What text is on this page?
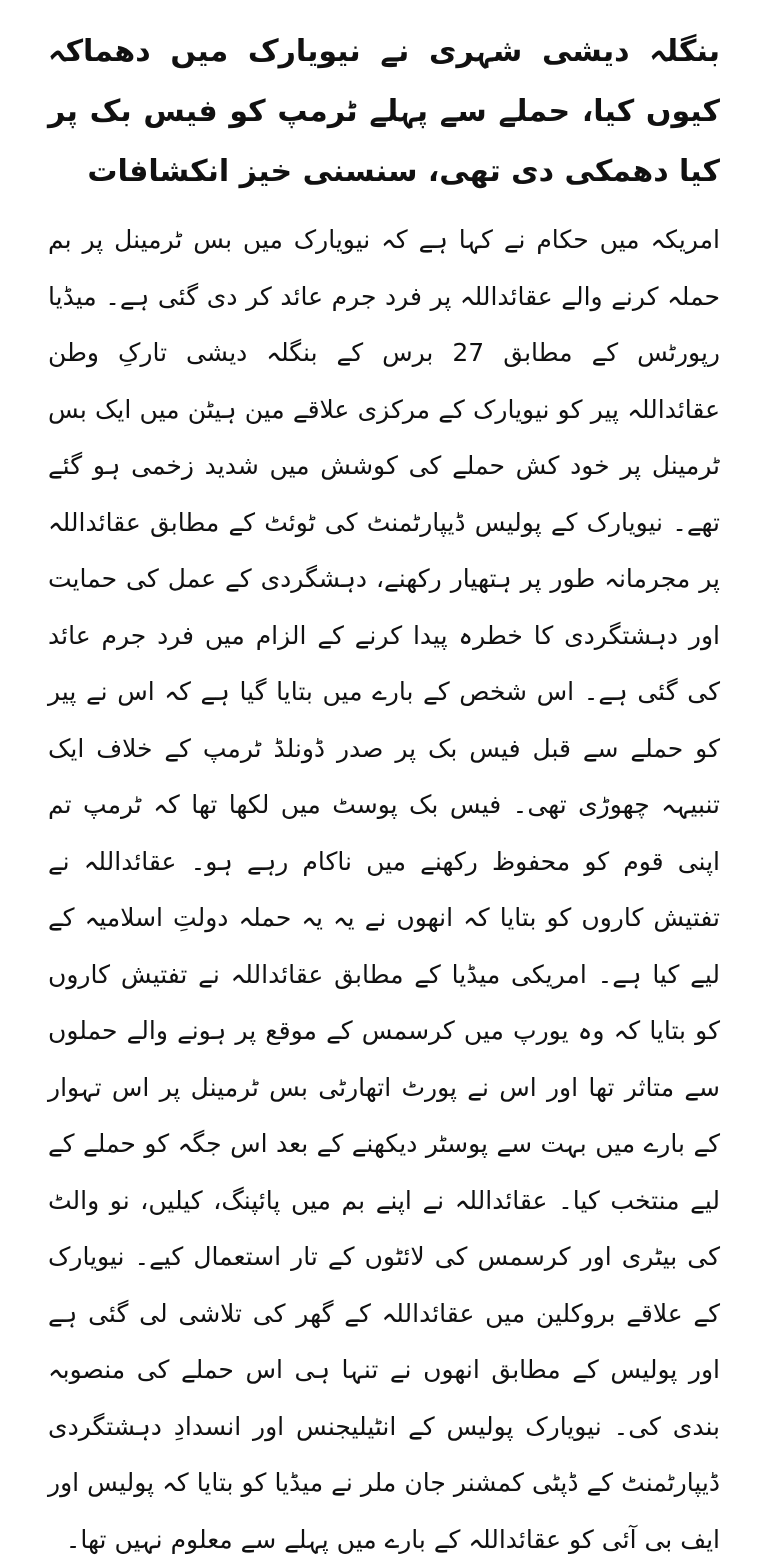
بنگلہ دیشی شہری نے نیویارک میں دھماکہ کیوں کیا، حملے سے پہلے ٹرمپ کو فیس بک پر کیا دھمکی دی تھی، سنسنی خیز انکشافات

امریکہ میں حکام نے کہا ہے کہ نیویارک میں بس ٹرمینل پر بم حملہ کرنے والے عقائداللہ پر فرد جرم عائد کر دی گئی ہے۔ میڈیا رپورٹس کے مطابق 27 برس کے بنگلہ دیشی تارکِ وطن عقائداللہ پیر کو نیویارک کے مرکزی علاقے مین ہیٹن میں ایک بس ٹرمینل پر خود کش حملے کی کوشش میں شدید زخمی ہو گئے تھے۔ نیویارک کے پولیس ڈیپارٹمنٹ کی ٹوئٹ کے مطابق عقائداللہ پر مجرمانہ طور پر ہتھیار رکھنے، دہشگردی کے عمل کی حمایت اور دہشتگردی کا خطرہ پیدا کرنے کے الزام میں فرد جرم عائد کی گئی ہے۔ اس شخص کے بارے میں بتایا گیا ہے کہ اس نے پیر کو حملے سے قبل فیس بک پر صدر ڈونلڈ ٹرمپ کے خلاف ایک تنبیہہ چھوڑی تھی۔ فیس بک پوسٹ میں لکھا تھا کہ ٹرمپ تم اپنی قوم کو محفوظ رکھنے میں ناکام رہے ہو۔ عقائداللہ نے تفتیش کاروں کو بتایا کہ انھوں نے یہ یہ حملہ دولتِ اسلامیہ کے لیے کیا ہے۔ امریکی میڈیا کے مطابق عقائداللہ نے تفتیش کاروں کو بتایا کہ وہ یورپ میں کرسمس کے موقع پر ہونے والے حملوں سے متاثر تھا اور اس نے پورٹ اتھارٹی بس ٹرمینل پر اس تہوار کے بارے میں بہت سے پوسٹر دیکھنے کے بعد اس جگہ کو حملے کے لیے منتخب کیا۔ عقائداللہ نے اپنے بم میں پائپنگ، کیلیں، نو والٹ کی بیٹری اور کرسمس کی لائٹوں کے تار استعمال کیے۔ نیویارک کے علاقے بروکلین میں عقائداللہ کے گھر کی تلاشی لی گئی ہے اور پولیس کے مطابق انھوں نے تنہا ہی اس حملے کی منصوبہ بندی کی۔ نیویارک پولیس کے انٹیلیجنس اور انسدادِ دہشتگردی ڈیپارٹمنٹ کے ڈپٹی کمشنر جان ملر نے میڈیا کو بتایا کہ پولیس اور ایف بی آئی کو عقائداللہ کے بارے میں پہلے سے معلوم نہیں تھا۔
